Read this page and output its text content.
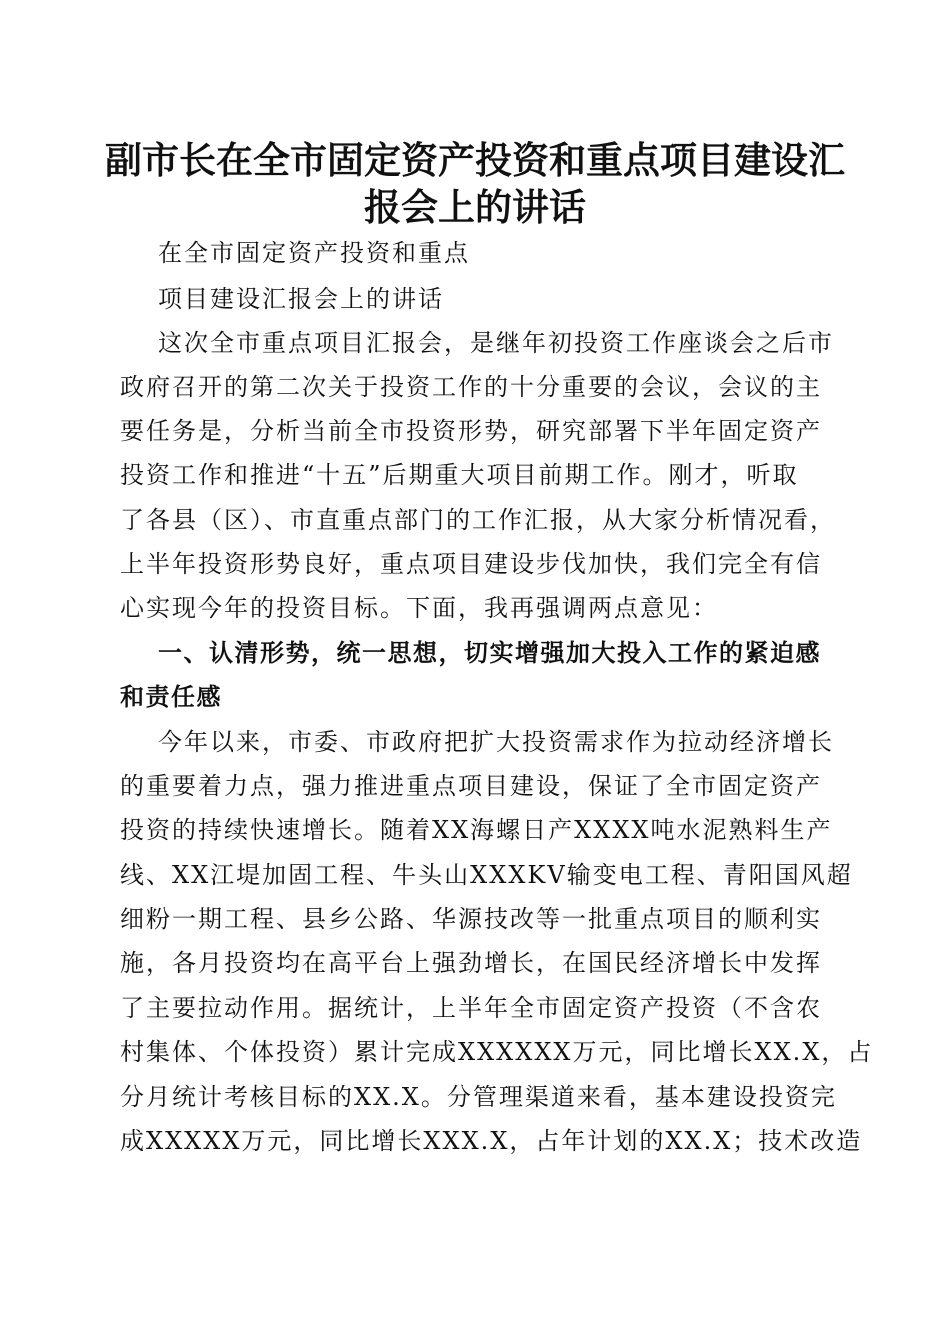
副市长在全市固定资产投资和重点项目建设汇
报会上的讲话

在全市固定资产投资和重点

项目建设汇报会上的讲话

这次全市重点项目汇报会，是继年初投资工作座谈会之后市

政府召开的第二次关于投资工作的十分重要的会议，会议的主

要任务是，分析当前全市投资形势，研究部署下半年固定资产

投资工作和推进“十五”后期重大项目前期工作。刚才，听取

了各县（区）、市直重点部门的工作汇报，从大家分析情况看，

上半年投资形势良好，重点项目建设步伐加快，我们完全有信

心实现今年的投资目标。下面，我再强调两点意见：

一、认清形势，统一思想，切实增强加大投入工作的紧迫感

和责任感

今年以来，市委、市政府把扩大投资需求作为拉动经济增长

的重要着力点，强力推进重点项目建设，保证了全市固定资产

投资的持续快速增长。随着XX海螺日产XXXX吨水泥熟料生产

线、XX江堤加固工程、牛头山XXXKV输变电工程、青阳国风超

细粉一期工程、县乡公路、华源技改等一批重点项目的顺利实

施，各月投资均在高平台上强劲增长，在国民经济增长中发挥

了主要拉动作用。据统计，上半年全市固定资产投资（不含农

村集体、个体投资）累计完成XXXXXX万元，同比增长XX.X，占

分月统计考核目标的XX.X。分管理渠道来看，基本建设投资完

成XXXXX万元，同比增长XXX.X，占年计划的XX.X；技术改造
